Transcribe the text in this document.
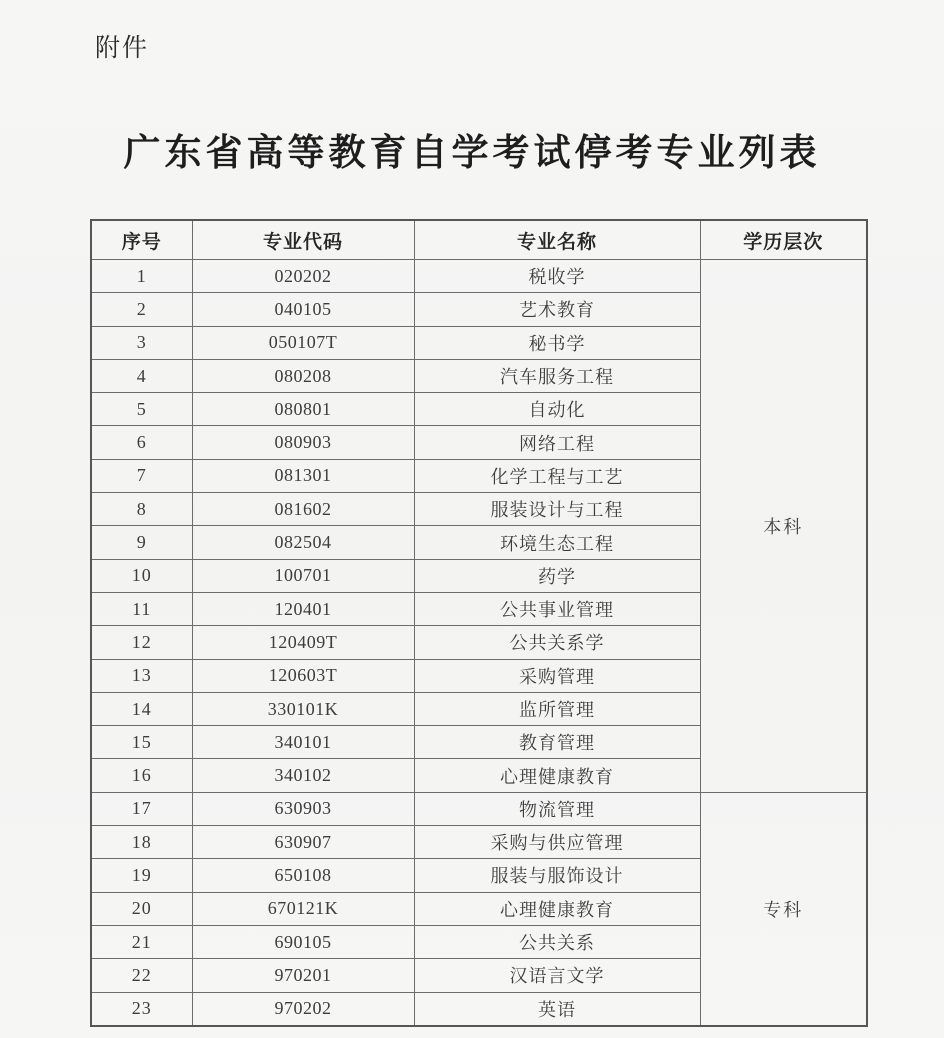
附件
广东省高等教育自学考试停考专业列表
序号	专业代码	专业名称	学历层次
1	020202	税收学	本科
2	040105	艺术教育	
3	050107T	秘书学	
4	080208	汽车服务工程	
5	080801	自动化	
6	080903	网络工程	
7	081301	化学工程与工艺	
8	081602	服装设计与工程	
9	082504	环境生态工程	
10	100701	药学	
11	120401	公共事业管理	
12	120409T	公共关系学	
13	120603T	采购管理	
14	330101K	监所管理	
15	340101	教育管理	
16	340102	心理健康教育	
17	630903	物流管理	专科
18	630907	采购与供应管理	
19	650108	服装与服饰设计	
20	670121K	心理健康教育	
21	690105	公共关系	
22	970201	汉语言文学	
23	970202	英语	
